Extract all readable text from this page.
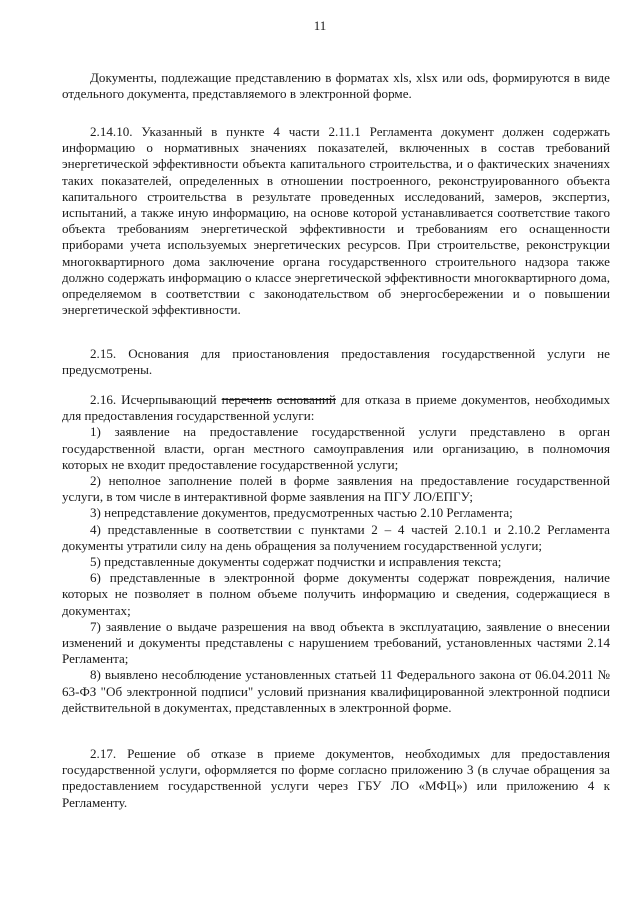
11

Документы, подлежащие представлению в форматах xls, xlsx или ods, формируются в виде отдельного документа, представляемого в электронной форме.

2.14.10. Указанный в пункте 4 части 2.11.1 Регламента документ должен содержать информацию о нормативных значениях показателей, включенных в состав требований энергетической эффективности объекта капитального строительства, и о фактических значениях таких показателей, определенных в отношении построенного, реконструированного объекта капитального строительства в результате проведенных исследований, замеров, экспертиз, испытаний, а также иную информацию, на основе которой устанавливается соответствие такого объекта требованиям энергетической эффективности и требованиям его оснащенности приборами учета используемых энергетических ресурсов. При строительстве, реконструкции многоквартирного дома заключение органа государственного строительного надзора также должно содержать информацию о классе энергетической эффективности многоквартирного дома, определяемом в соответствии с законодательством об энергосбережении и о повышении энергетической эффективности.

2.15. Основания для приостановления предоставления государственной услуги не предусмотрены.

2.16. Исчерпывающий перечень оснований для отказа в приеме документов, необходимых для предоставления государственной услуги:

1) заявление на предоставление государственной услуги представлено в орган государственной власти, орган местного самоуправления или организацию, в полномочия которых не входит предоставление государственной услуги;

2) неполное заполнение полей в форме заявления на предоставление государственной услуги, в том числе в интерактивной форме заявления на ПГУ ЛО/ЕПГУ;

3) непредставление документов, предусмотренных частью 2.10 Регламента;

4) представленные в соответствии с пунктами 2 – 4 частей 2.10.1 и 2.10.2 Регламента документы утратили силу на день обращения за получением государственной услуги;

5) представленные документы содержат подчистки и исправления текста;

6) представленные в электронной форме документы содержат повреждения, наличие которых не позволяет в полном объеме получить информацию и сведения, содержащиеся в документах;

7) заявление о выдаче разрешения на ввод объекта в эксплуатацию, заявление о внесении изменений и документы представлены с нарушением требований, установленных частями 2.14 Регламента;

8) выявлено несоблюдение установленных статьей 11 Федерального закона от 06.04.2011 № 63-ФЗ "Об электронной подписи" условий признания квалифицированной электронной подписи действительной в документах, представленных в электронной форме.

2.17. Решение об отказе в приеме документов, необходимых для предоставления государственной услуги, оформляется по форме согласно приложению 3 (в случае обращения за предоставлением государственной услуги через ГБУ ЛО «МФЦ») или приложению 4 к Регламенту.
